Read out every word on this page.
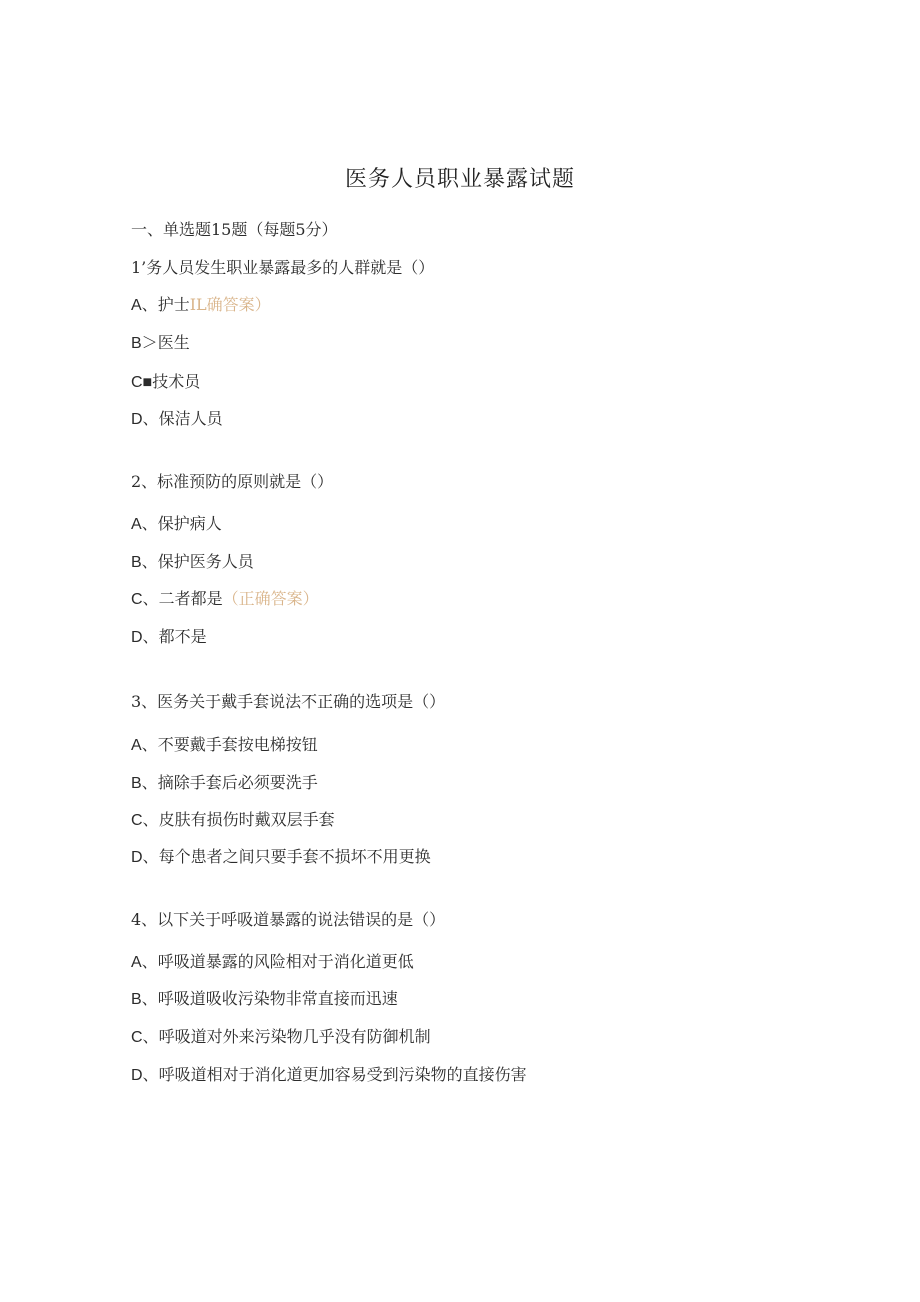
医务人员职业暴露试题
一、单选题15题（每题5分）
1’务人员发生职业暴露最多的人群就是（）
A、护士IL确答案）
B＞医生
C■技术员
D、保洁人员
2、标准预防的原则就是（）
A、保护病人
B、保护医务人员
C、二者都是（正确答案）
D、都不是
3、医务关于戴手套说法不正确的选项是（）
A、不要戴手套按电梯按钮
B、摘除手套后必须要洗手
C、皮肤有损伤时戴双层手套
D、每个患者之间只要手套不损坏不用更换
4、以下关于呼吸道暴露的说法错误的是（）
A、呼吸道暴露的风险相对于消化道更低
B、呼吸道吸收污染物非常直接而迅速
C、呼吸道对外来污染物几乎没有防御机制
D、呼吸道相对于消化道更加容易受到污染物的直接伤害
